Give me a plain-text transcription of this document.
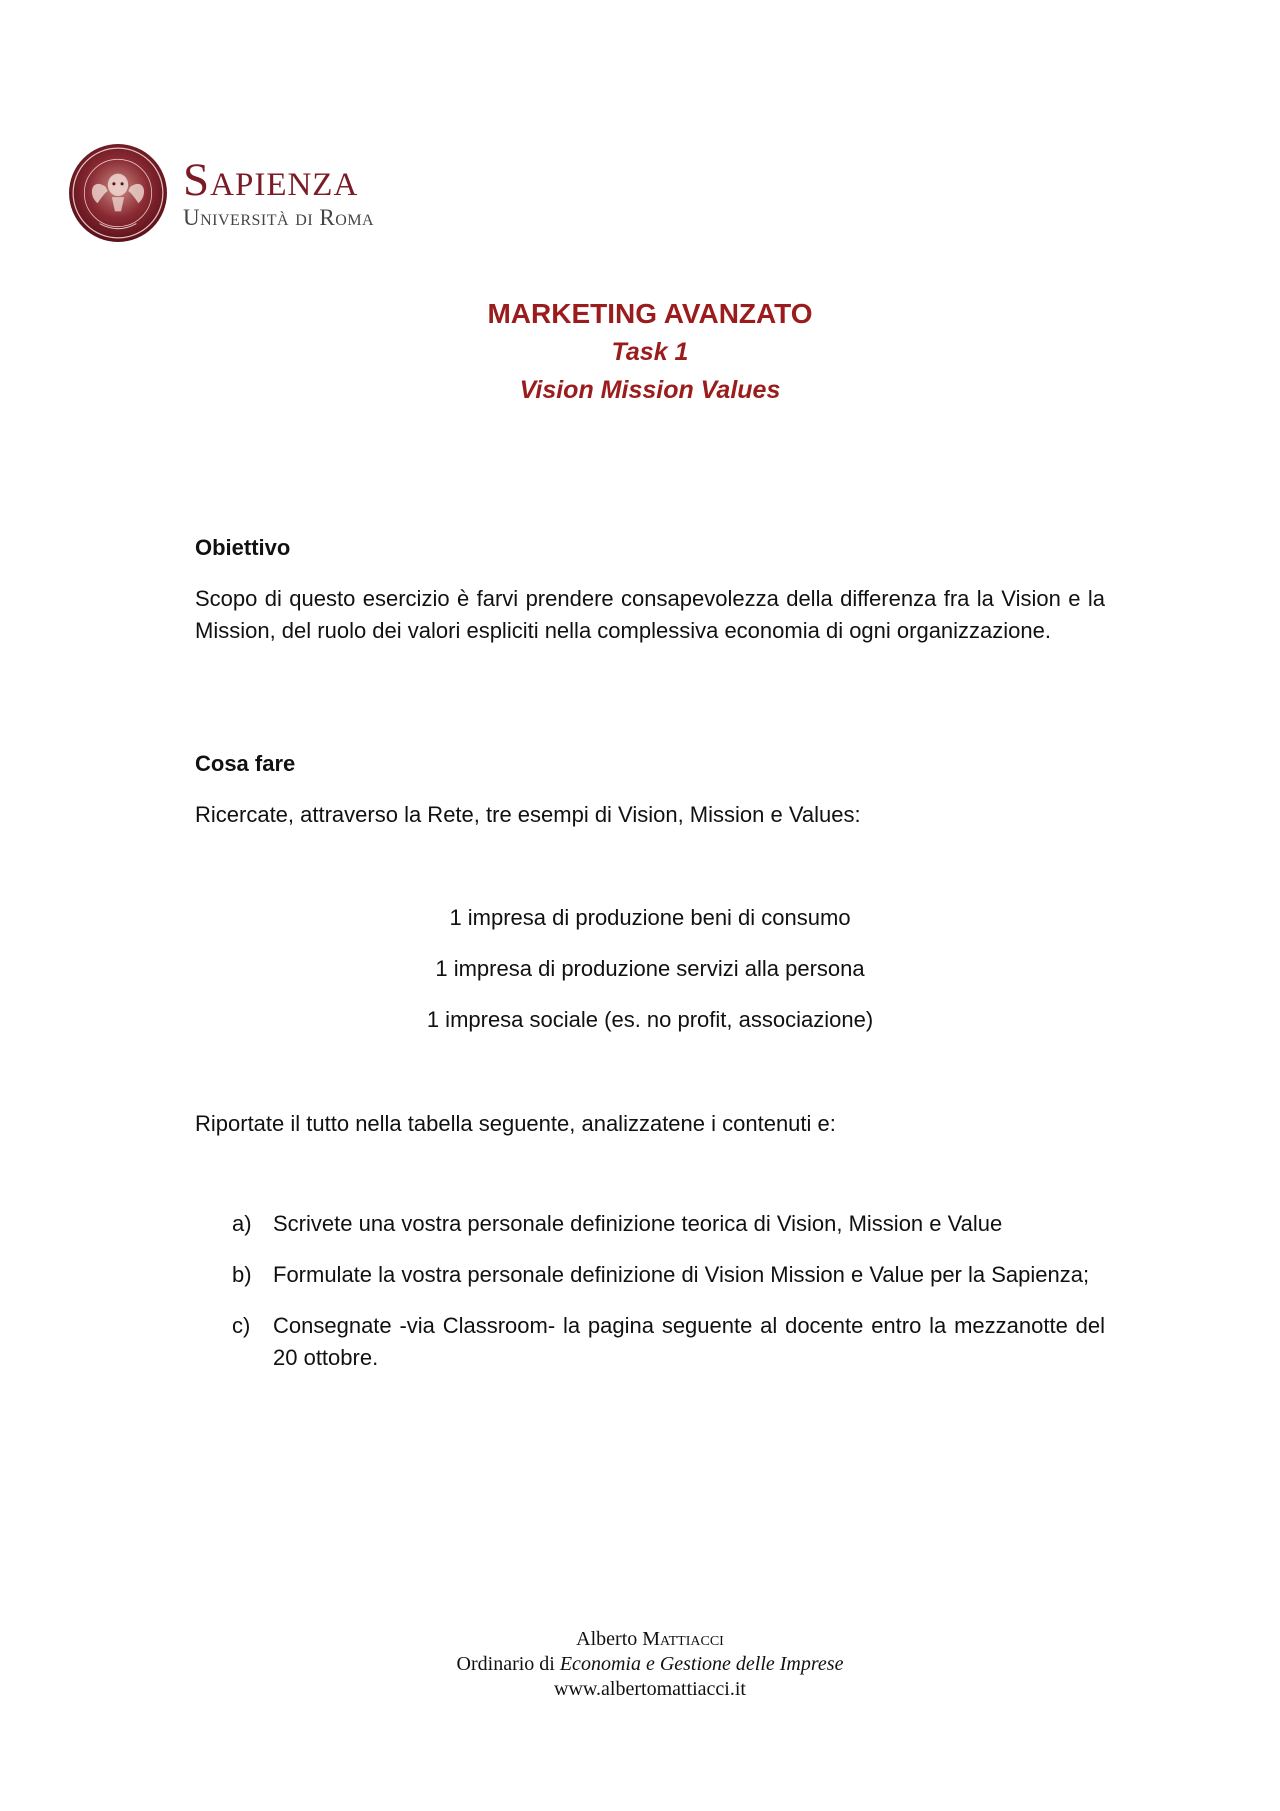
Sapienza
Università di Roma
MARKETING AVANZATO
Task 1
Vision Mission Values
Obiettivo
Scopo di questo esercizio è farvi prendere consapevolezza della differenza fra la Vision e la Mission, del ruolo dei valori espliciti nella complessiva economia di ogni organizzazione.
Cosa fare
Ricercate, attraverso la Rete, tre esempi di Vision, Mission e Values:
1 impresa di produzione beni di consumo
1 impresa di produzione servizi alla persona
1 impresa sociale (es. no profit, associazione)
Riportate il tutto nella tabella seguente, analizzatene i contenuti e:
a) Scrivete una vostra personale definizione teorica di Vision, Mission e Value
b) Formulate la vostra personale definizione di Vision Mission e Value per la Sapienza;
c)	Consegnate -via Classroom- la pagina seguente al docente entro la mezzanotte del 20 ottobre.
Alberto Mattiacci
Ordinario di Economia e Gestione delle Imprese
www.albertomattiacci.it
